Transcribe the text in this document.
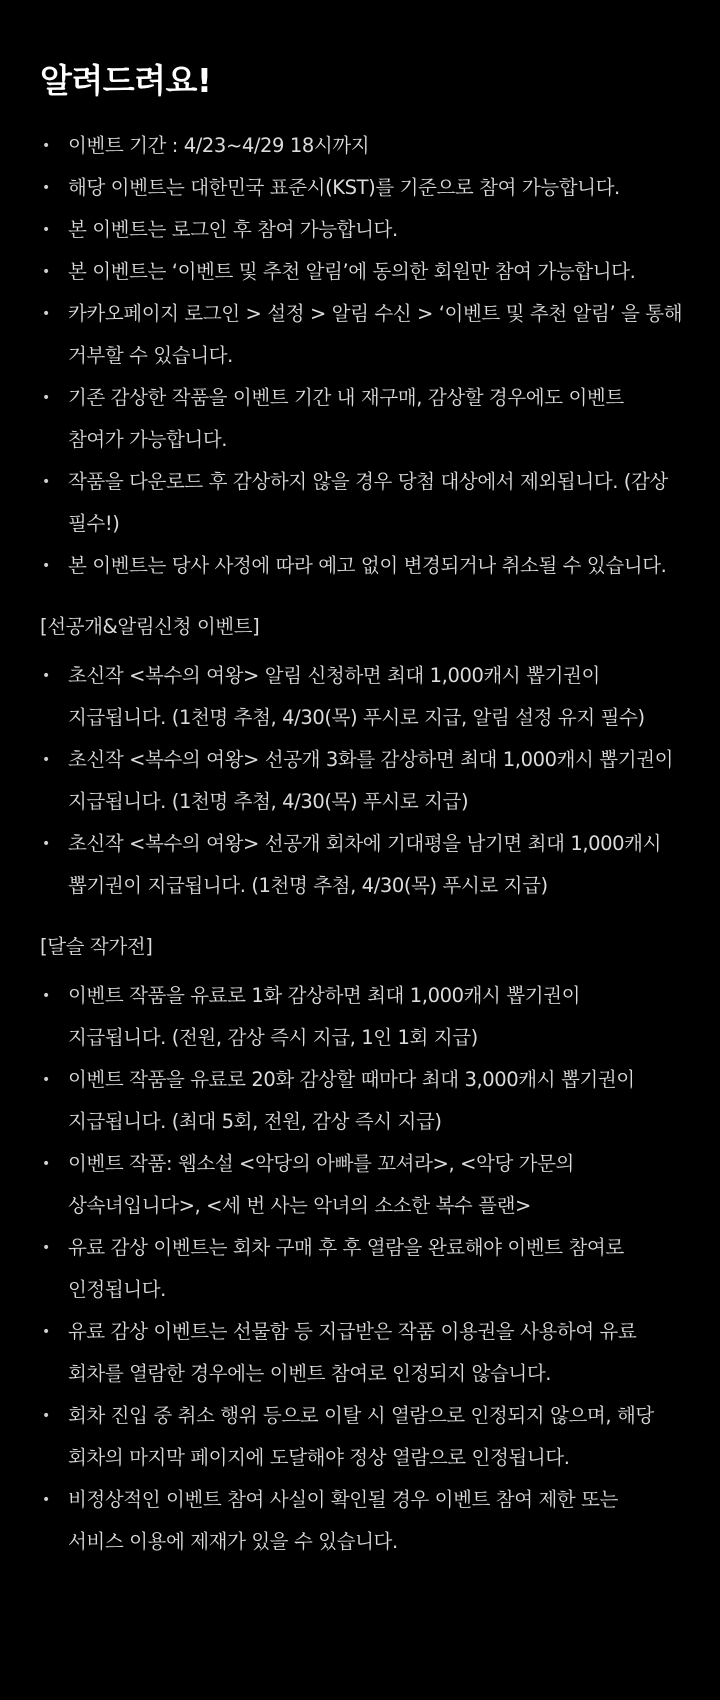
알려드려요!
• 이벤트 기간 : 4/23~4/29 18시까지
• 해당 이벤트는 대한민국 표준시(KST)를 기준으로 참여 가능합니다.
• 본 이벤트는 로그인 후 참여 가능합니다.
• 본 이벤트는 ‘이벤트 및 추천 알림’에 동의한 회원만 참여 가능합니다.
• 카카오페이지 로그인 > 설정 > 알림 수신 > ‘이벤트 및 추천 알림’ 을 통해
거부할 수 있습니다.
• 기존 감상한 작품을 이벤트 기간 내 재구매, 감상할 경우에도 이벤트
참여가 가능합니다.
• 작품을 다운로드 후 감상하지 않을 경우 당첨 대상에서 제외됩니다. (감상
필수!)
• 본 이벤트는 당사 사정에 따라 예고 없이 변경되거나 취소될 수 있습니다.
[선공개&알림신청 이벤트]
• 초신작 <복수의 여왕> 알림 신청하면 최대 1,000캐시 뽑기권이
지급됩니다. (1천명 추첨, 4/30(목) 푸시로 지급, 알림 설정 유지 필수)
• 초신작 <복수의 여왕> 선공개 3화를 감상하면 최대 1,000캐시 뽑기권이
지급됩니다. (1천명 추첨, 4/30(목) 푸시로 지급)
• 초신작 <복수의 여왕> 선공개 회차에 기대평을 남기면 최대 1,000캐시
뽑기권이 지급됩니다. (1천명 추첨, 4/30(목) 푸시로 지급)
[달슬 작가전]
• 이벤트 작품을 유료로 1화 감상하면 최대 1,000캐시 뽑기권이
지급됩니다. (전원, 감상 즉시 지급, 1인 1회 지급)
• 이벤트 작품을 유료로 20화 감상할 때마다 최대 3,000캐시 뽑기권이
지급됩니다. (최대 5회, 전원, 감상 즉시 지급)
• 이벤트 작품: 웹소설 <악당의 아빠를 꼬셔라>, <악당 가문의
상속녀입니다>, <세 번 사는 악녀의 소소한 복수 플랜>
• 유료 감상 이벤트는 회차 구매 후 후 열람을 완료해야 이벤트 참여로
인정됩니다.
• 유료 감상 이벤트는 선물함 등 지급받은 작품 이용권을 사용하여 유료
회차를 열람한 경우에는 이벤트 참여로 인정되지 않습니다.
• 회차 진입 중 취소 행위 등으로 이탈 시 열람으로 인정되지 않으며, 해당
회차의 마지막 페이지에 도달해야 정상 열람으로 인정됩니다.
• 비정상적인 이벤트 참여 사실이 확인될 경우 이벤트 참여 제한 또는
서비스 이용에 제재가 있을 수 있습니다.
